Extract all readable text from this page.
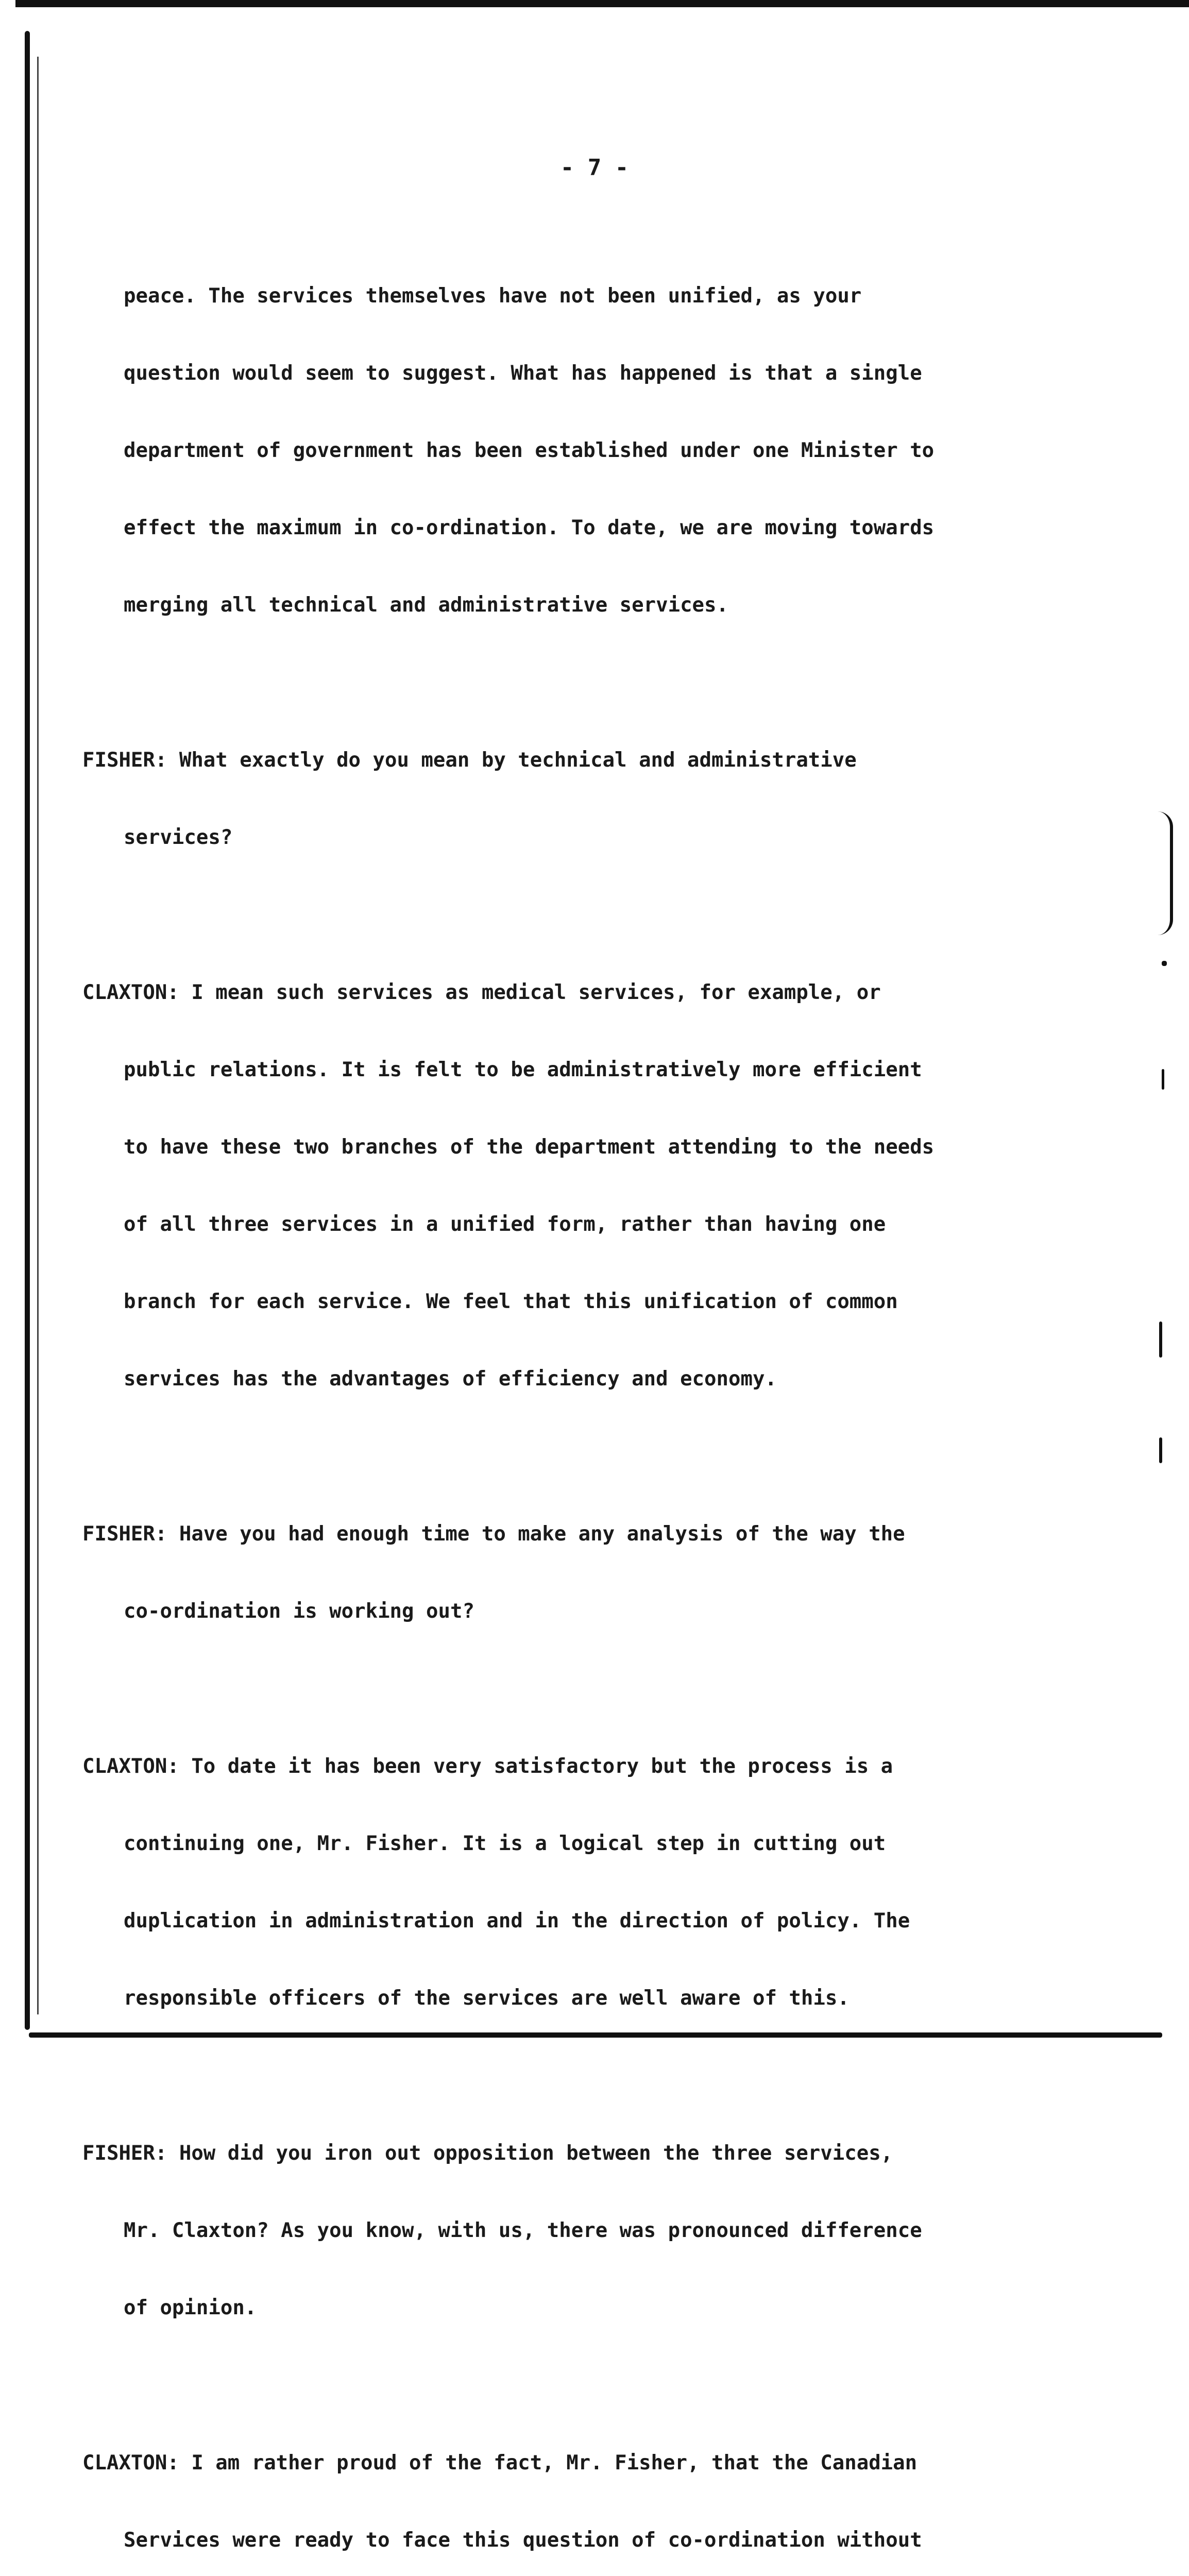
- 7 -

peace. The services themselves have not been unified, as your

question would seem to suggest. What has happened is that a single

department of government has been established under one Minister to

effect the maximum in co-ordination. To date, we are moving towards

merging all technical and administrative services.

FISHER: What exactly do you mean by technical and administrative

services?

CLAXTON: I mean such services as medical services, for example, or

public relations. It is felt to be administratively more efficient

to have these two branches of the department attending to the needs

of all three services in a unified form, rather than having one

branch for each service. We feel that this unification of common

services has the advantages of efficiency and economy.

FISHER: Have you had enough time to make any analysis of the way the

co-ordination is working out?

CLAXTON: To date it has been very satisfactory but the process is a

continuing one, Mr. Fisher. It is a logical step in cutting out

duplication in administration and in the direction of policy. The

responsible officers of the services are well aware of this.

FISHER: How did you iron out opposition between the three services,

Mr. Claxton? As you know, with us, there was pronounced difference

of opinion.

CLAXTON: I am rather proud of the fact, Mr. Fisher, that the Canadian

Services were ready to face this question of co-ordination without
